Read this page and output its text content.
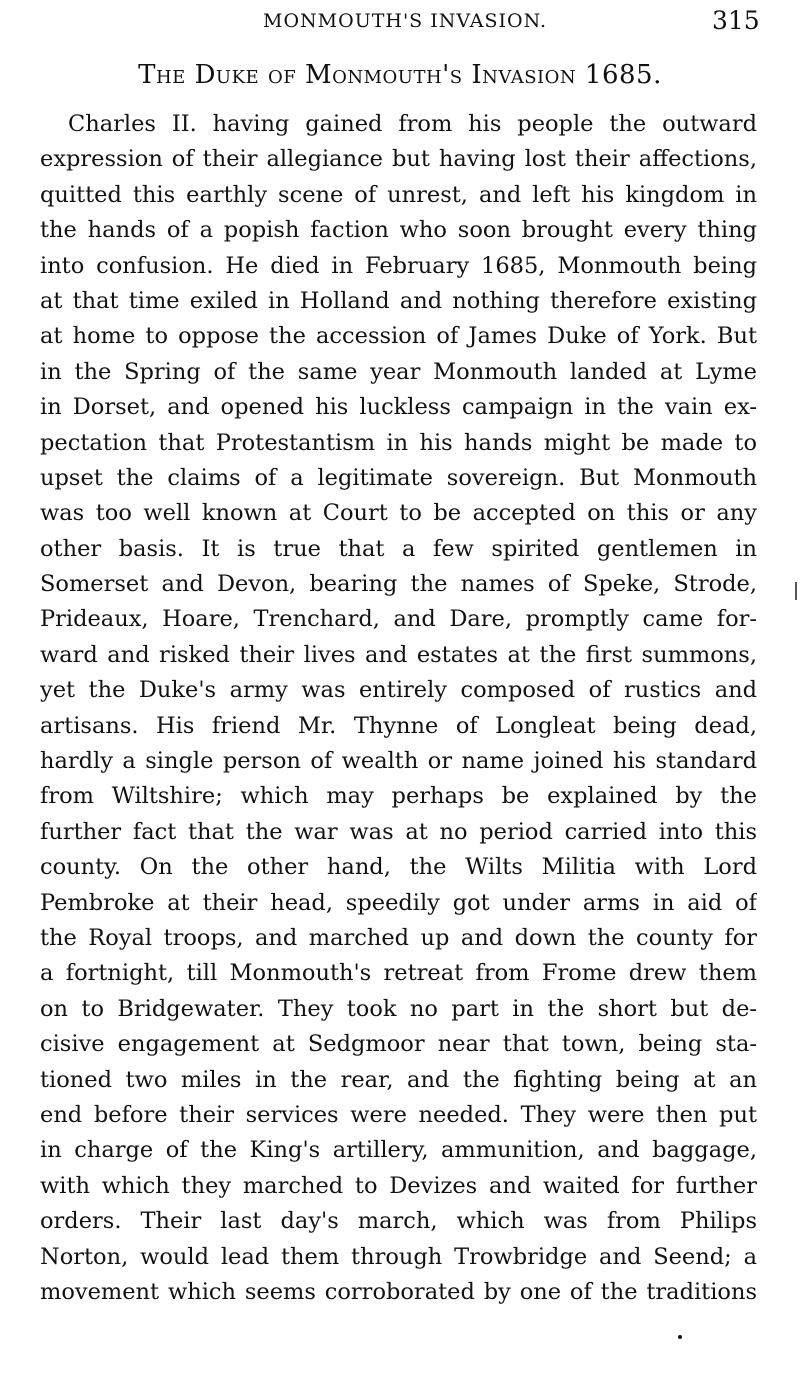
MONMOUTH'S INVASION.	315
The Duke of Monmouth's Invasion 1685.
Charles II. having gained from his people the outward
expression of their allegiance but having lost their affections,
quitted this earthly scene of unrest, and left his kingdom in
the hands of a popish faction who soon brought every thing
into confusion. He died in February 1685, Monmouth being
at that time exiled in Holland and nothing therefore existing
at home to oppose the accession of James Duke of York. But
in the Spring of the same year Monmouth landed at Lyme
in Dorset, and opened his luckless campaign in the vain ex-
pectation that Protestantism in his hands might be made to
upset the claims of a legitimate sovereign. But Monmouth
was too well known at Court to be accepted on this or any
other basis. It is true that a few spirited gentlemen in
Somerset and Devon, bearing the names of Speke, Strode,
Prideaux, Hoare, Trenchard, and Dare, promptly came for-
ward and risked their lives and estates at the first summons,
yet the Duke's army was entirely composed of rustics and
artisans. His friend Mr. Thynne of Longleat being dead,
hardly a single person of wealth or name joined his standard
from Wiltshire; which may perhaps be explained by the
further fact that the war was at no period carried into this
county. On the other hand, the Wilts Militia with Lord
Pembroke at their head, speedily got under arms in aid of
the Royal troops, and marched up and down the county for
a fortnight, till Monmouth's retreat from Frome drew them
on to Bridgewater. They took no part in the short but de-
cisive engagement at Sedgmoor near that town, being sta-
tioned two miles in the rear, and the fighting being at an
end before their services were needed. They were then put
in charge of the King's artillery, ammunition, and baggage,
with which they marched to Devizes and waited for further
orders. Their last day's march, which was from Philips
Norton, would lead them through Trowbridge and Seend; a
movement which seems corroborated by one of the traditions
